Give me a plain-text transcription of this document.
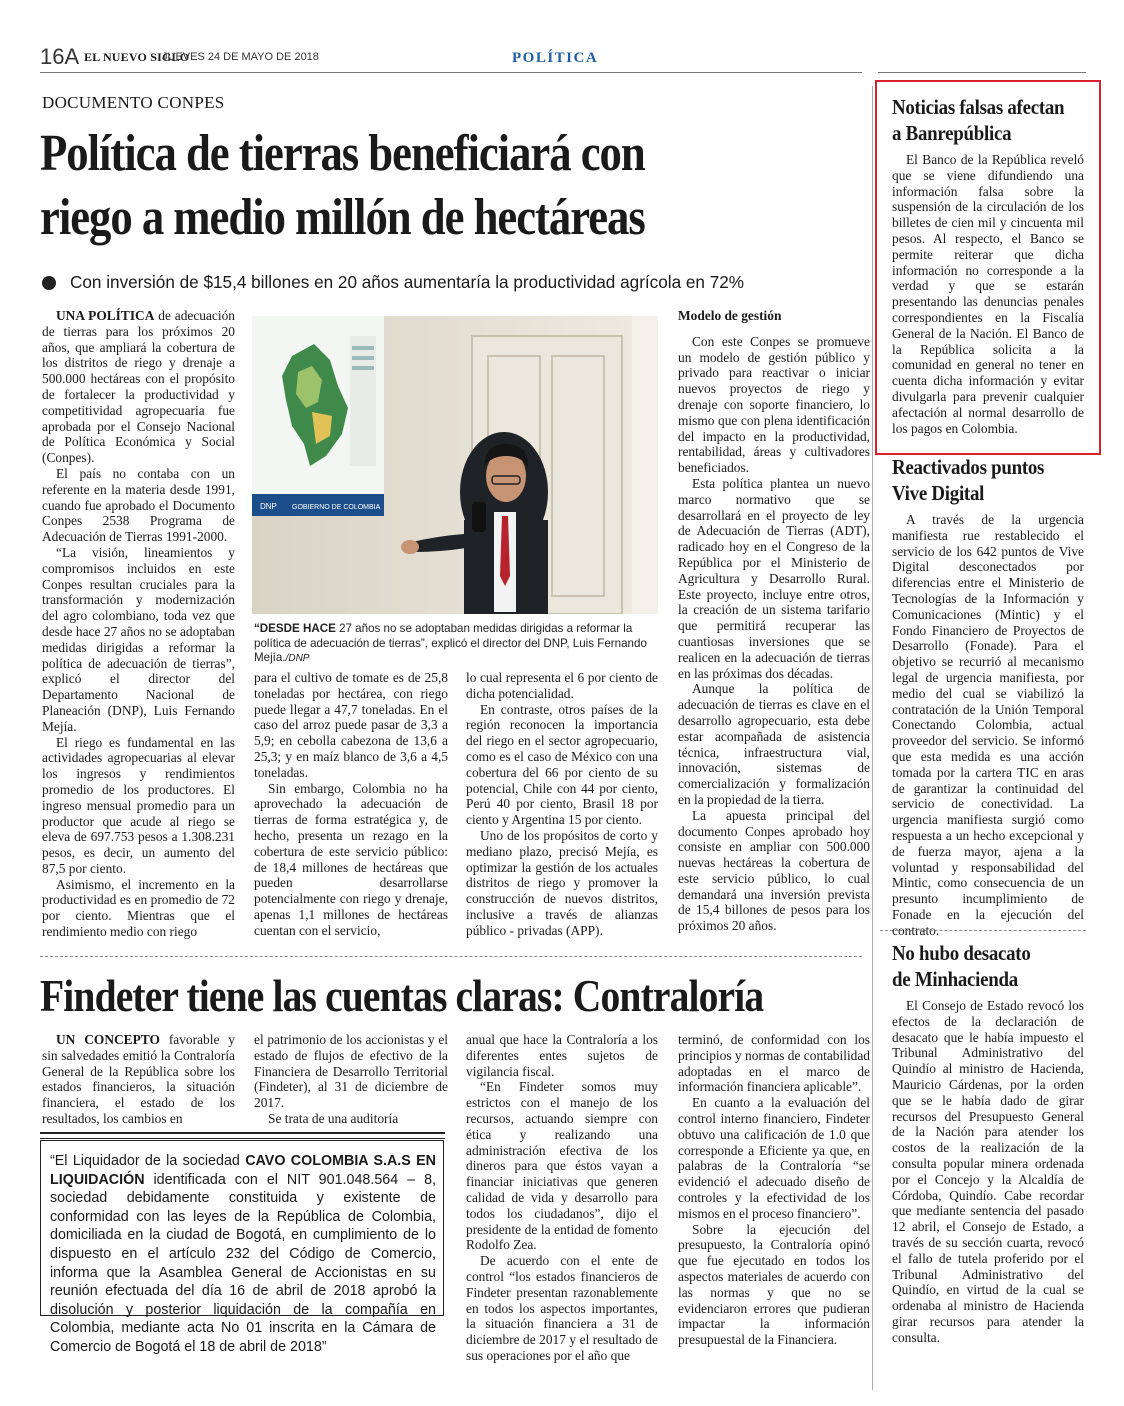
16A EL NUEVO SIGLO
JUEVES 24 DE MAYO DE 2018	POLÍTICA
DOCUMENTO CONPES
Política de tierras beneficiará con
riego a medio millón de hectáreas
Con inversión de $15,4 billones en 20 años aumentaría la productividad agrícola en 72%

UNA POLÍTICA de adecuación de tierras para los próximos 20 años, que ampliará la cobertura de los distritos de riego y drenaje a 500.000 hectáreas con el propósito de fortalecer la productividad y competitividad agropecuaria fue aprobada por el Consejo Nacional de Política Económica y Social (Conpes).

El país no contaba con un referente en la materia desde 1991, cuando fue aprobado el Documento Conpes 2538 Programa de Adecuación de Tierras 1991-2000.

“La visión, lineamientos y compromisos incluidos en este Conpes resultan cruciales para la transformación y modernización del agro colombiano, toda vez que desde hace 27 años no se adoptaban medidas dirigidas a reformar la política de adecuación de tierras”, explicó el director del Departamento Nacional de Planeación (DNP), Luis Fernando Mejía.

El riego es fundamental en las actividades agropecuarias al elevar los ingresos y rendimientos promedio de los productores. El ingreso mensual promedio para un productor que acude al riego se eleva de 697.753 pesos a 1.308.231 pesos, es decir, un aumento del 87,5 por ciento.

Asimismo, el incremento en la productividad es en promedio de 72 por ciento. Mientras que el rendimiento medio con riego

DNP GOBIERNO DE COLOMBIA
“DESDE HACE 27 años no se adoptaban medidas dirigidas a reformar la política de adecuación de tierras”, explicó el director del DNP, Luis Fernando Mejía./DNP

para el cultivo de tomate es de 25,8 toneladas por hectárea, con riego puede llegar a 47,7 toneladas. En el caso del arroz puede pasar de 3,3 a 5,9; en cebolla cabezona de 13,6 a 25,3; y en maíz blanco de 3,6 a 4,5 toneladas.

Sin embargo, Colombia no ha aprovechado la adecuación de tierras de forma estratégica y, de hecho, presenta un rezago en la cobertura de este servicio público: de 18,4 millones de hectáreas que pueden desarrollarse potencialmente con riego y drenaje, apenas 1,1 millones de hectáreas cuentan con el servicio,

lo cual representa el 6 por ciento de dicha potencialidad.

En contraste, otros países de la región reconocen la importancia del riego en el sector agropecuario, como es el caso de México con una cobertura del 66 por ciento de su potencial, Chile con 44 por ciento, Perú 40 por ciento, Brasil 18 por ciento y Argentina 15 por ciento.

Uno de los propósitos de corto y mediano plazo, precisó Mejía, es optimizar la gestión de los actuales distritos de riego y promover la construcción de nuevos distritos, inclusive a través de alianzas público - privadas (APP).

Modelo de gestión

Con este Conpes se promueve un modelo de gestión público y privado para reactivar o iniciar nuevos proyectos de riego y drenaje con soporte financiero, lo mismo que con plena identificación del impacto en la productividad, rentabilidad, áreas y cultivadores beneficiados.

Esta política plantea un nuevo marco normativo que se desarrollará en el proyecto de ley de Adecuación de Tierras (ADT), radicado hoy en el Congreso de la República por el Ministerio de Agricultura y Desarrollo Rural. Este proyecto, incluye entre otros, la creación de un sistema tarifario que permitirá recuperar las cuantiosas inversiones que se realicen en la adecuación de tierras en las próximas dos décadas.

Aunque la política de adecuación de tierras es clave en el desarrollo agropecuario, esta debe estar acompañada de asistencia técnica, infraestructura vial, innovación, sistemas de comercialización y formalización en la propiedad de la tierra.

La apuesta principal del documento Conpes aprobado hoy consiste en ampliar con 500.000 nuevas hectáreas la cobertura de este servicio público, lo cual demandará una inversión prevista de 15,4 billones de pesos para los próximos 20 años.

Findeter tiene las cuentas claras: Contraloría

UN CONCEPTO favorable y sin salvedades emitió la Contraloría General de la República sobre los estados financieros, la situación financiera, el estado de los resultados, los cambios en

el patrimonio de los accionistas y el estado de flujos de efectivo de la Financiera de Desarrollo Territorial (Findeter), al 31 de diciembre de 2017.

Se trata de una auditoría

anual que hace la Contraloría a los diferentes entes sujetos de vigilancia fiscal.

“En Findeter somos muy estrictos con el manejo de los recursos, actuando siempre con ética y realizando una administración efectiva de los dineros para que éstos vayan a financiar iniciativas que generen calidad de vida y desarrollo para todos los ciudadanos”, dijo el presidente de la entidad de fomento Rodolfo Zea.

De acuerdo con el ente de control “los estados financieros de Findeter presentan razonablemente en todos los aspectos importantes, la situación financiera a 31 de diciembre de 2017 y el resultado de sus operaciones por el año que

terminó, de conformidad con los principios y normas de contabilidad adoptadas en el marco de información financiera aplicable”.

En cuanto a la evaluación del control interno financiero, Findeter obtuvo una calificación de 1.0 que corresponde a Eficiente ya que, en palabras de la Contraloría “se evidenció el adecuado diseño de controles y la efectividad de los mismos en el proceso financiero”.

Sobre la ejecución del presupuesto, la Contraloría opinó que fue ejecutado en todos los aspectos materiales de acuerdo con las normas y que no se evidenciaron errores que pudieran impactar la información presupuestal de la Financiera.

“El Liquidador de la sociedad CAVO COLOMBIA S.A.S EN LIQUIDACIÓN identificada con el NIT 901.048.564 – 8, sociedad debidamente constituida y existente de conformidad con las leyes de la República de Colombia, domiciliada en la ciudad de Bogotá, en cumplimiento de lo dispuesto en el artículo 232 del Código de Comercio, informa que la Asamblea General de Accionistas en su reunión efectuada del día 16 de abril de 2018 aprobó la disolución y posterior liquidación de la compañía en Colombia, mediante acta No 01 inscrita en la Cámara de Comercio de Bogotá el 18 de abril de 2018”
Noticias falsas afectan
a Banrepública

El Banco de la República reveló que se viene difundiendo una información falsa sobre la suspensión de la circulación de los billetes de cien mil y cincuenta mil pesos. Al respecto, el Banco se permite reiterar que dicha información no corresponde a la verdad y que se estarán presentando las denuncias penales correspondientes en la Fiscalía General de la Nación. El Banco de la República solicita a la comunidad en general no tener en cuenta dicha información y evitar divulgarla para prevenir cualquier afectación al normal desarrollo de los pagos en Colombia.

Reactivados puntos
Vive Digital

A través de la urgencia manifiesta rue restablecido el servicio de los 642 puntos de Vive Digital desconectados por diferencias entre el Ministerio de Tecnologías de la Información y Comunicaciones (Mintic) y el Fondo Financiero de Proyectos de Desarrollo (Fonade). Para el objetivo se recurrió al mecanismo legal de urgencia manifiesta, por medio del cual se viabilizó la contratación de la Unión Temporal Conectando Colombia, actual proveedor del servicio. Se informó que esta medida es una acción tomada por la cartera TIC en aras de garantizar la continuidad del servicio de conectividad. La urgencia manifiesta surgió como respuesta a un hecho excepcional y de fuerza mayor, ajena a la voluntad y responsabilidad del Mintic, como consecuencia de un presunto incumplimiento de Fonade en la ejecución del contrato.

No hubo desacato
de Minhacienda

El Consejo de Estado revocó los efectos de la declaración de desacato que le había impuesto el Tribunal Administrativo del Quindío al ministro de Hacienda, Mauricio Cárdenas, por la orden que se le había dado de girar recursos del Presupuesto General de la Nación para atender los costos de la realización de la consulta popular minera ordenada por el Concejo y la Alcaldía de Córdoba, Quindío. Cabe recordar que mediante sentencia del pasado 12 abril, el Consejo de Estado, a través de su sección cuarta, revocó el fallo de tutela proferido por el Tribunal Administrativo del Quindío, en virtud de la cual se ordenaba al ministro de Hacienda girar recursos para atender la consulta.
